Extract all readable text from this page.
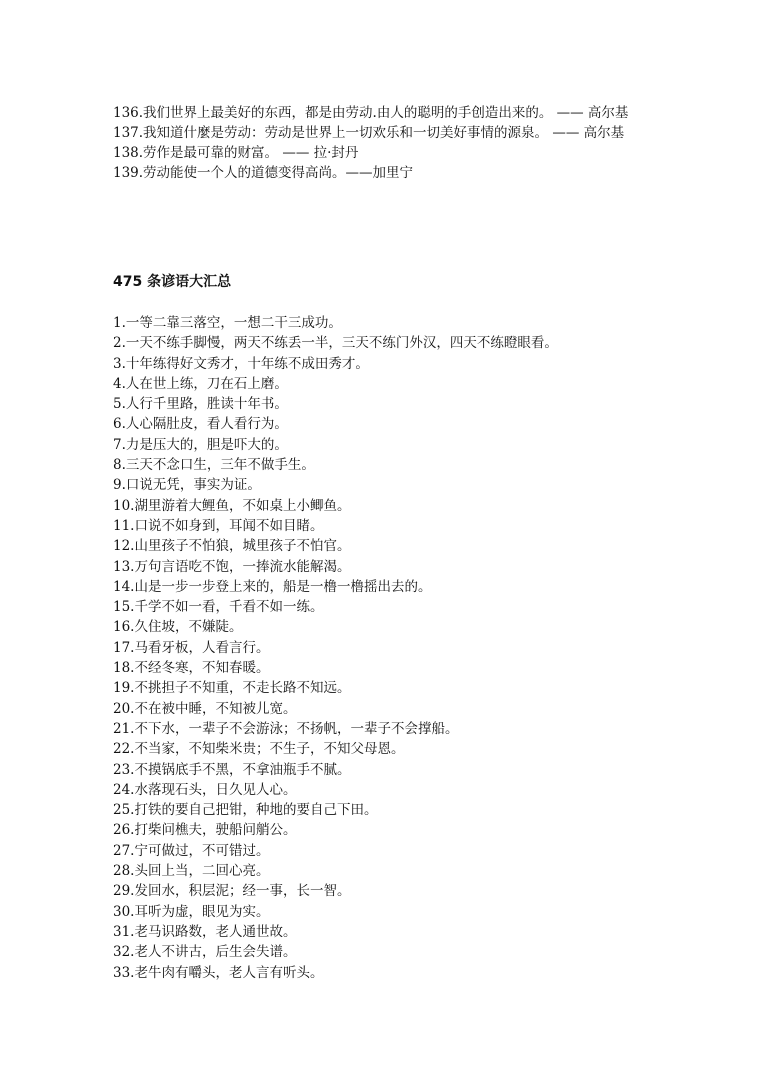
136.我们世界上最美好的东西，都是由劳动.由人的聪明的手创造出来的。 —— 高尔基

137.我知道什麼是劳动：劳动是世界上一切欢乐和一切美好事情的源泉。 —— 高尔基

138.劳作是最可靠的财富。 —— 拉·封丹

139.劳动能使一个人的道德变得高尚。——加里宁

475 条谚语大汇总
1.一等二靠三落空，一想二干三成功。
2.一天不练手脚慢，两天不练丢一半，三天不练门外汉，四天不练瞪眼看。
3.十年练得好文秀才，十年练不成田秀才。
4.人在世上练，刀在石上磨。
5.人行千里路，胜读十年书。
6.人心隔肚皮，看人看行为。
7.力是压大的，胆是吓大的。
8.三天不念口生，三年不做手生。
9.口说无凭，事实为证。
10.湖里游着大鲤鱼，不如桌上小鲫鱼。
11.口说不如身到，耳闻不如目睹。
12.山里孩子不怕狼，城里孩子不怕官。
13.万句言语吃不饱，一捧流水能解渴。
14.山是一步一步登上来的，船是一橹一橹摇出去的。
15.千学不如一看，千看不如一练。
16.久住坡，不嫌陡。
17.马看牙板，人看言行。
18.不经冬寒，不知春暖。
19.不挑担子不知重，不走长路不知远。
20.不在被中睡，不知被儿宽。
21.不下水，一辈子不会游泳；不扬帆，一辈子不会撑船。
22.不当家，不知柴米贵；不生子，不知父母恩。
23.不摸锅底手不黑，不拿油瓶手不腻。
24.水落现石头，日久见人心。
25.打铁的要自己把钳，种地的要自己下田。
26.打柴问樵夫，驶船问艄公。
27.宁可做过，不可错过。
28.头回上当，二回心亮。
29.发回水，积层泥；经一事，长一智。
30.耳听为虚，眼见为实。
31.老马识路数，老人通世故。
32.老人不讲古，后生会失谱。
33.老牛肉有嚼头，老人言有听头。
